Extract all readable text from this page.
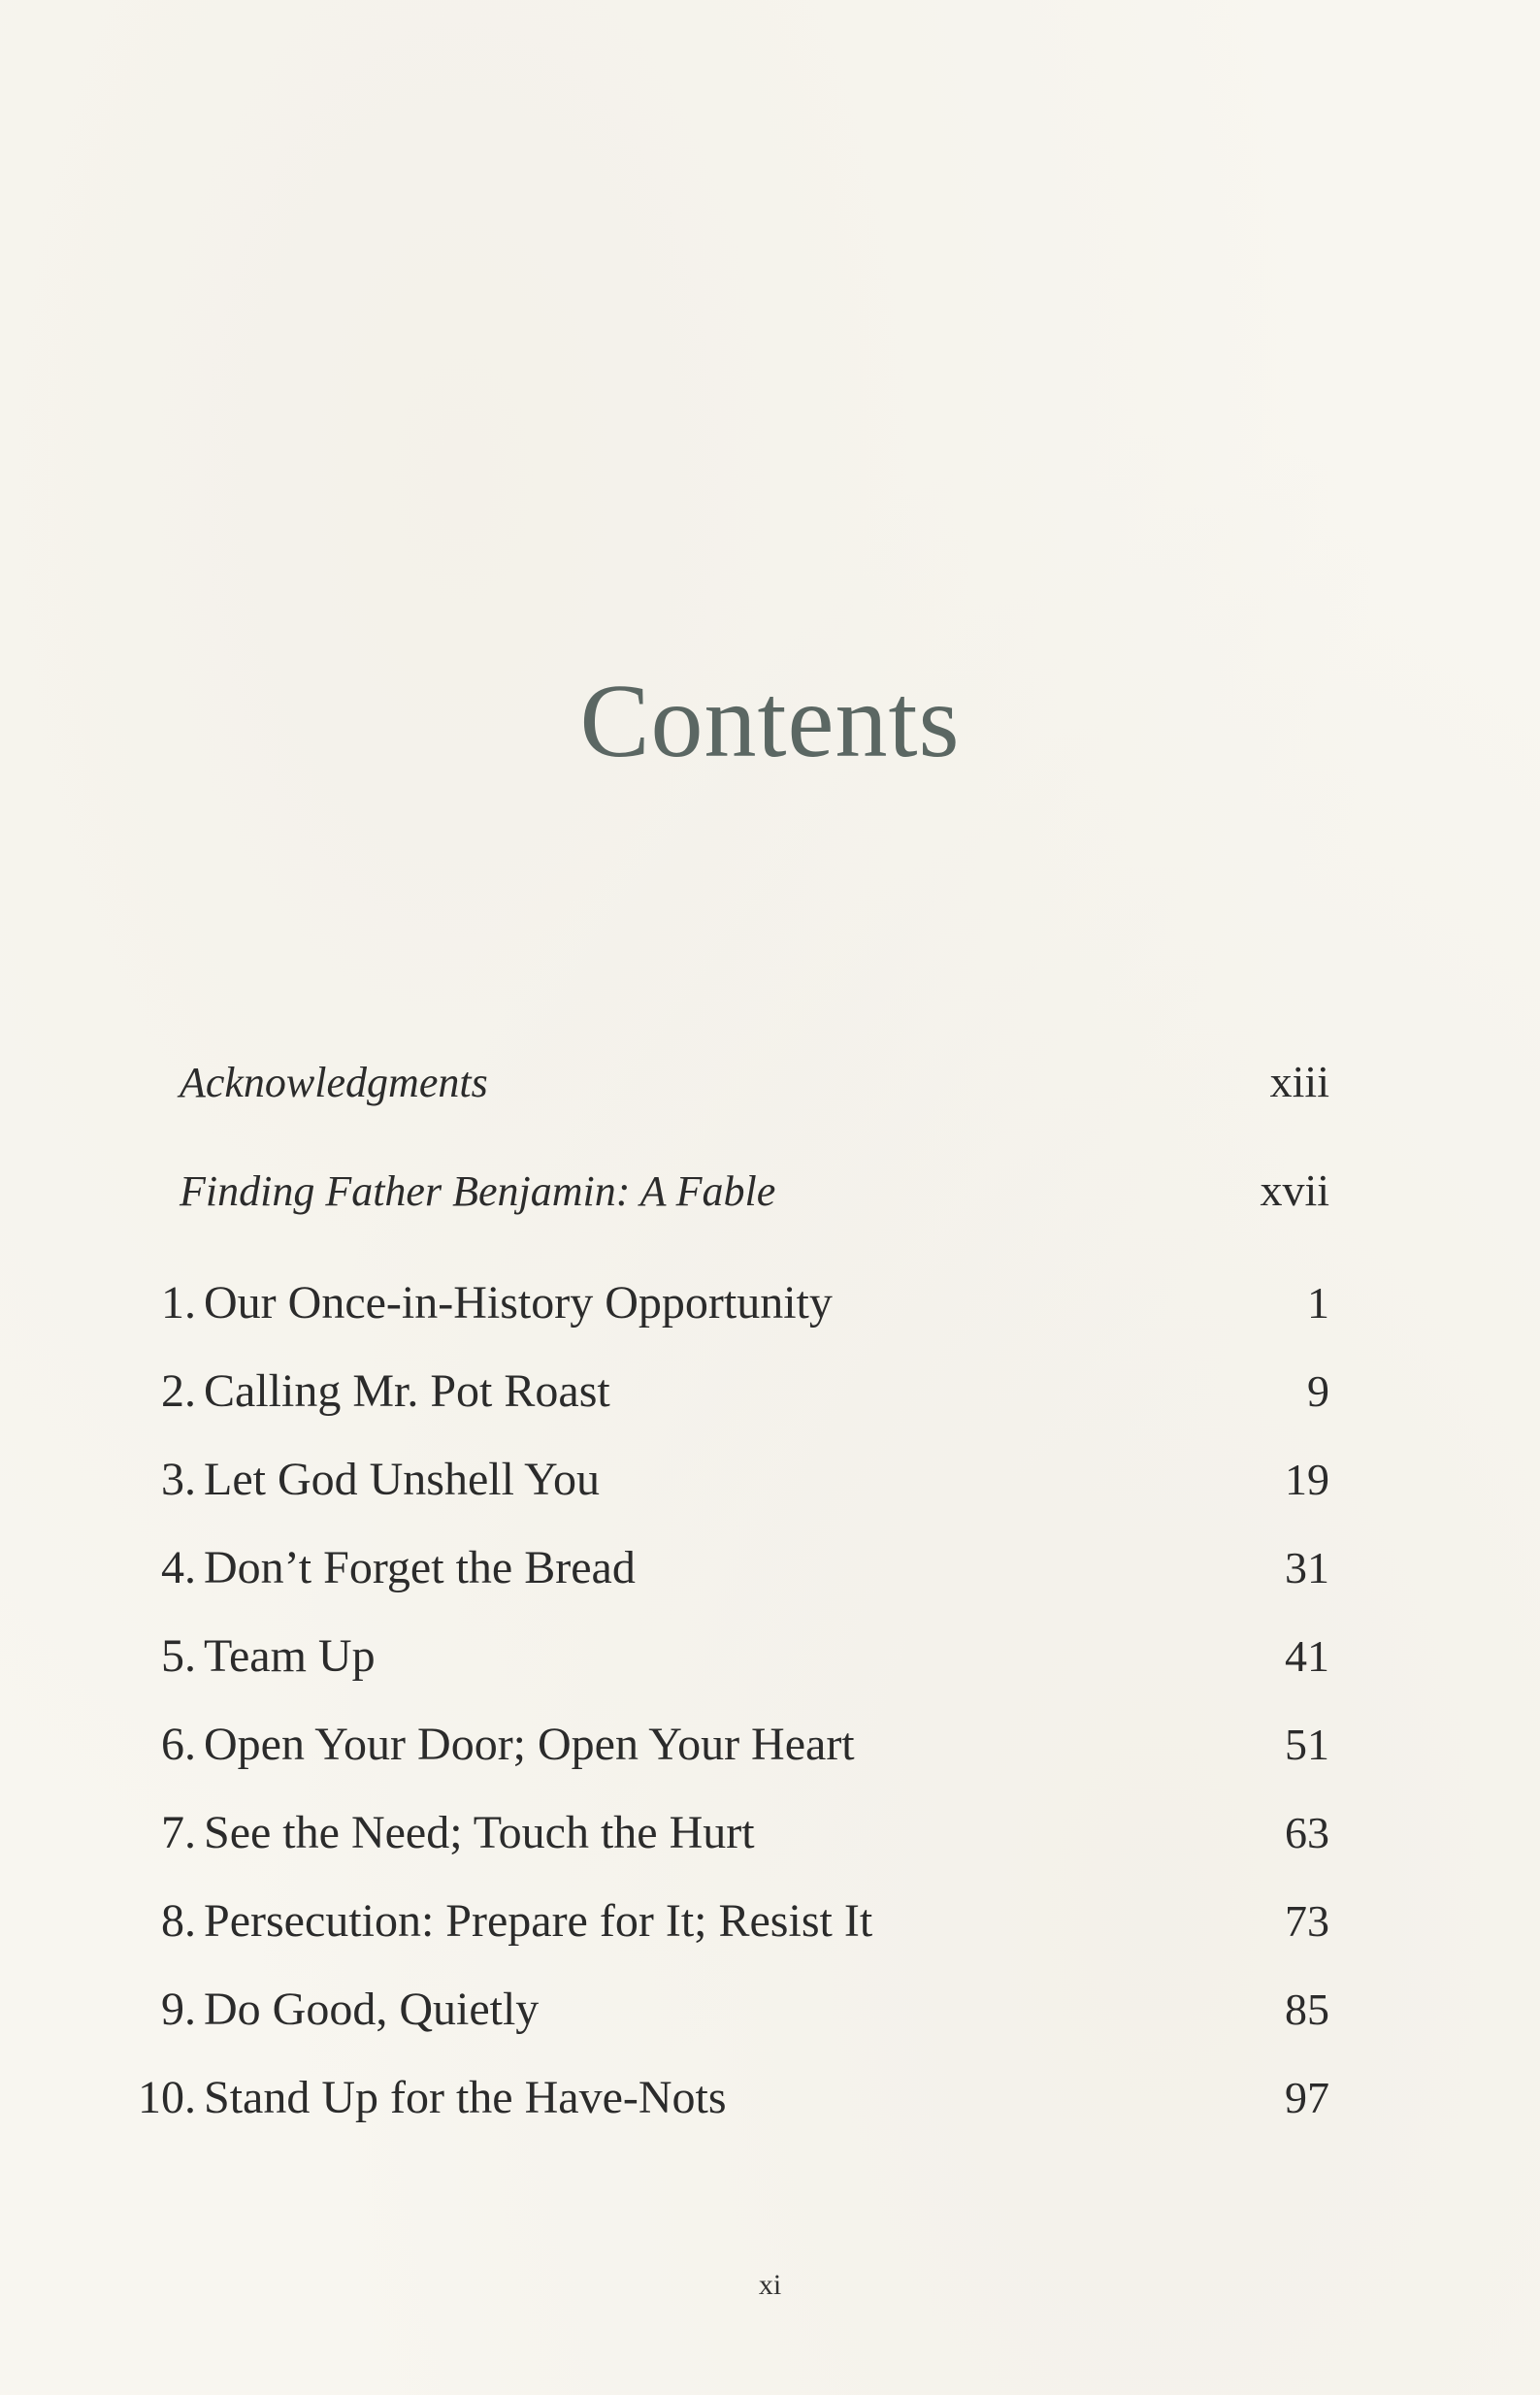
Contents
Acknowledgments	xiii
Finding Father Benjamin: A Fable	xvii
1. Our Once-in-History Opportunity	1
2. Calling Mr. Pot Roast	9
3. Let God Unshell You	19
4. Don’t Forget the Bread	31
5. Team Up	41
6. Open Your Door; Open Your Heart	51
7. See the Need; Touch the Hurt	63
8. Persecution: Prepare for It; Resist It	73
9. Do Good, Quietly	85
10. Stand Up for the Have-Nots	97
xi
